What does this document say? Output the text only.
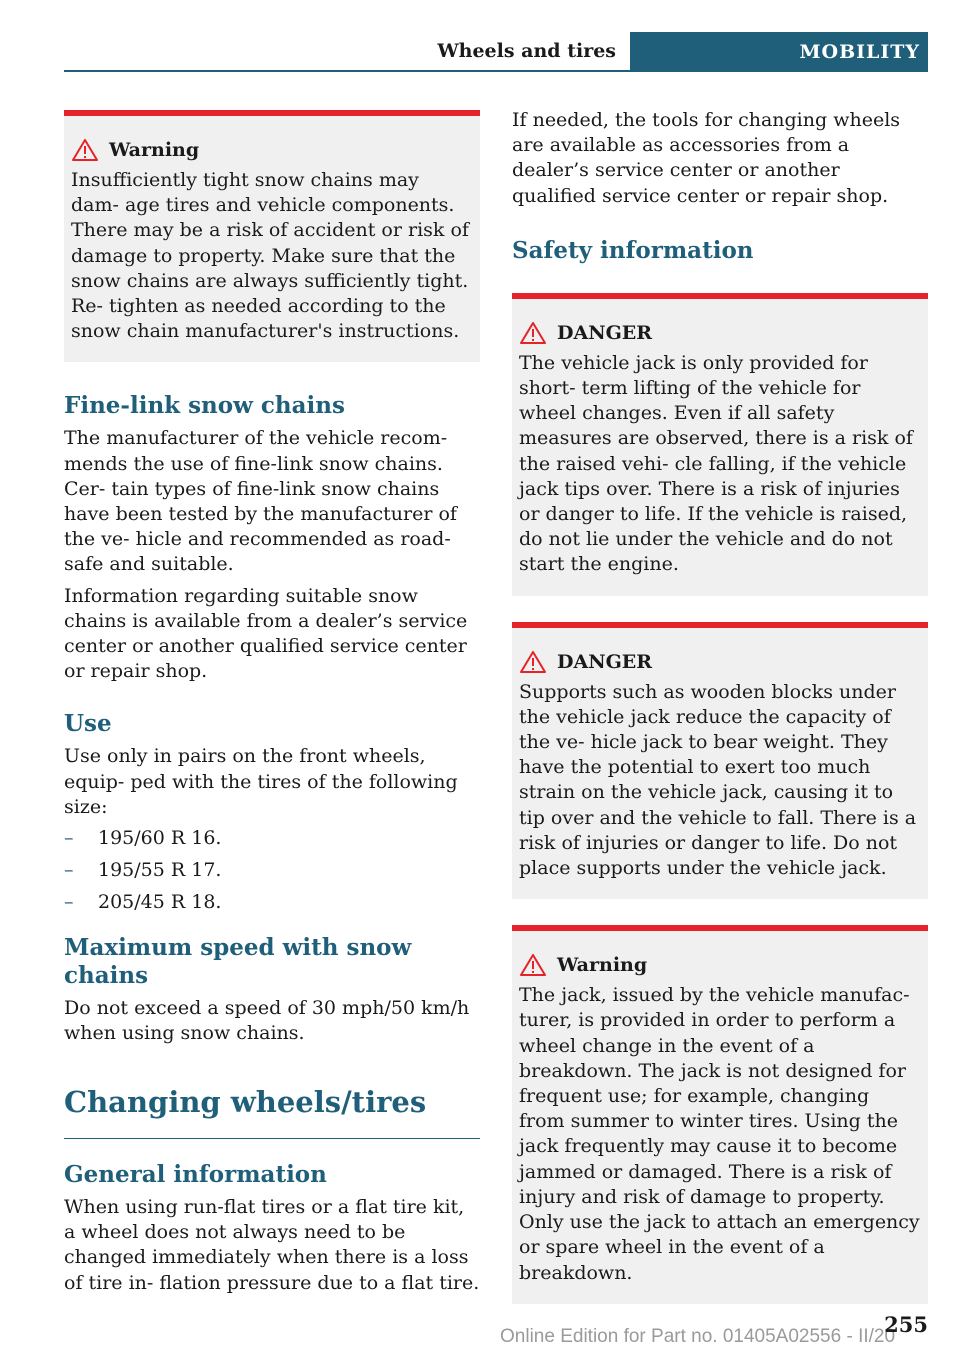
Wheels and tires	MOBILITY
Warning
Insufficiently tight snow chains may dam‐ age tires and vehicle components. There may be a risk of accident or risk of damage to property. Make sure that the snow chains are always sufficiently tight. Re‐ tighten as needed according to the snow chain manufacturer's instructions.
Fine-link snow chains

The manufacturer of the vehicle recom‐ mends the use of fine-link snow chains. Cer‐ tain types of fine-link snow chains have been tested by the manufacturer of the ve‐ hicle and recommended as road-safe and suitable.

Information regarding suitable snow chains is available from a dealer’s service center or another qualified service center or repair shop.

Use

Use only in pairs on the front wheels, equip‐ ped with the tires of the following size:

– 195/60 R 16.
– 195/55 R 17.
– 205/45 R 18.
Maximum speed with snow chains

Do not exceed a speed of 30 mph/50 km/h when using snow chains.

Changing wheels/tires
General information

When using run-flat tires or a flat tire kit, a wheel does not always need to be changed immediately when there is a loss of tire in‐ flation pressure due to a flat tire.

If needed, the tools for changing wheels are available as accessories from a dealer’s service center or another qualified service center or repair shop.

Safety information
DANGER
The vehicle jack is only provided for short- term lifting of the vehicle for wheel changes. Even if all safety measures are observed, there is a risk of the raised vehi‐ cle falling, if the vehicle jack tips over. There is a risk of injuries or danger to life. If the vehicle is raised, do not lie under the vehicle and do not start the engine.
DANGER
Supports such as wooden blocks under the vehicle jack reduce the capacity of the ve‐ hicle jack to bear weight. They have the potential to exert too much strain on the vehicle jack, causing it to tip over and the vehicle to fall. There is a risk of injuries or danger to life. Do not place supports under the vehicle jack.
Warning
The jack, issued by the vehicle manufac‐ turer, is provided in order to perform a wheel change in the event of a breakdown. The jack is not designed for frequent use; for example, changing from summer to winter tires. Using the jack frequently may cause it to become jammed or damaged. There is a risk of injury and risk of damage to property. Only use the jack to attach an emergency or spare wheel in the event of a breakdown.
Online Edition for Part no. 01405A02556 - II/20
255
